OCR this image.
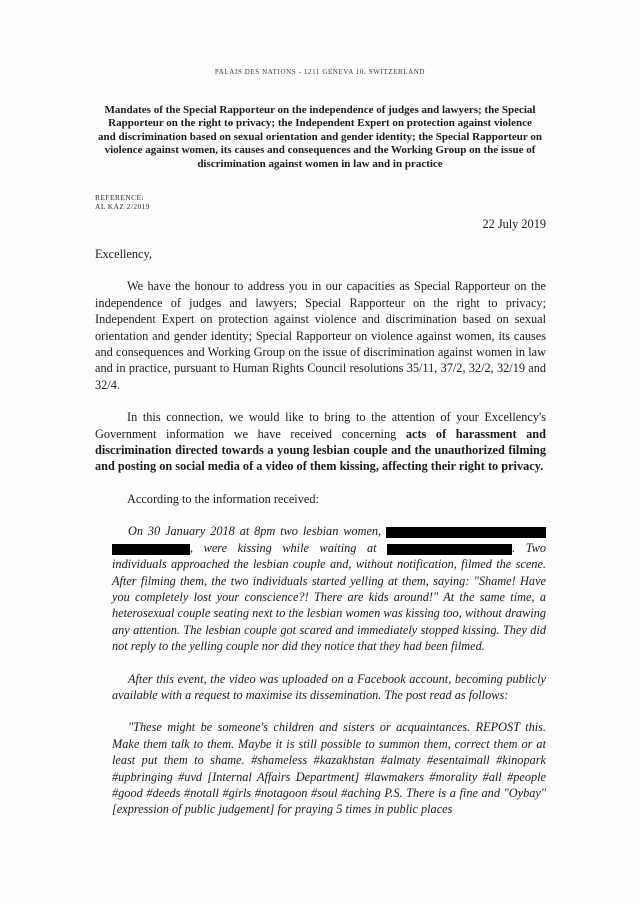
PALAIS DES NATIONS - 1211 GENEVA 10, SWITZERLAND
Mandates of the Special Rapporteur on the independence of judges and lawyers; the Special Rapporteur on the right to privacy; the Independent Expert on protection against violence and discrimination based on sexual orientation and gender identity; the Special Rapporteur on violence against women, its causes and consequences and the Working Group on the issue of discrimination against women in law and in practice
REFERENCE:
AL KAZ 2/2019
22 July 2019

Excellency,

We have the honour to address you in our capacities as Special Rapporteur on the independence of judges and lawyers; Special Rapporteur on the right to privacy; Independent Expert on protection against violence and discrimination based on sexual orientation and gender identity; Special Rapporteur on violence against women, its causes and consequences and Working Group on the issue of discrimination against women in law and in practice, pursuant to Human Rights Council resolutions 35/11, 37/2, 32/2, 32/19 and 32/4.

In this connection, we would like to bring to the attention of your Excellency's Government information we have received concerning acts of harassment and discrimination directed towards a young lesbian couple and the unauthorized filming and posting on social media of a video of them kissing, affecting their right to privacy.

According to the information received:

On 30 January 2018 at 8pm two lesbian women,  , were kissing while waiting at	. Two individuals approached the lesbian couple and, without notification, filmed the scene. After filming them, the two individuals started yelling at them, saying: "Shame! Have you completely lost your conscience?! There are kids around!" At the same time, a heterosexual couple seating next to the lesbian women was kissing too, without drawing any attention. The lesbian couple got scared and immediately stopped kissing. They did not reply to the yelling couple nor did they notice that they had been filmed.

After this event, the video was uploaded on a Facebook account, becoming publicly available with a request to maximise its dissemination. The post read as follows:

"These might be someone's children and sisters or acquaintances. REPOST this. Make them talk to them. Maybe it is still possible to summon them, correct them or at least put them to shame. #shameless #kazakhstan #almaty #esentaimall #kinopark #upbringing #uvd [Internal Affairs Department] #lawmakers #morality #all #people #good #deeds #notall #girls #notagoon #soul #aching P.S. There is a fine and "Oybay" [expression of public judgement] for praying 5 times in public places
